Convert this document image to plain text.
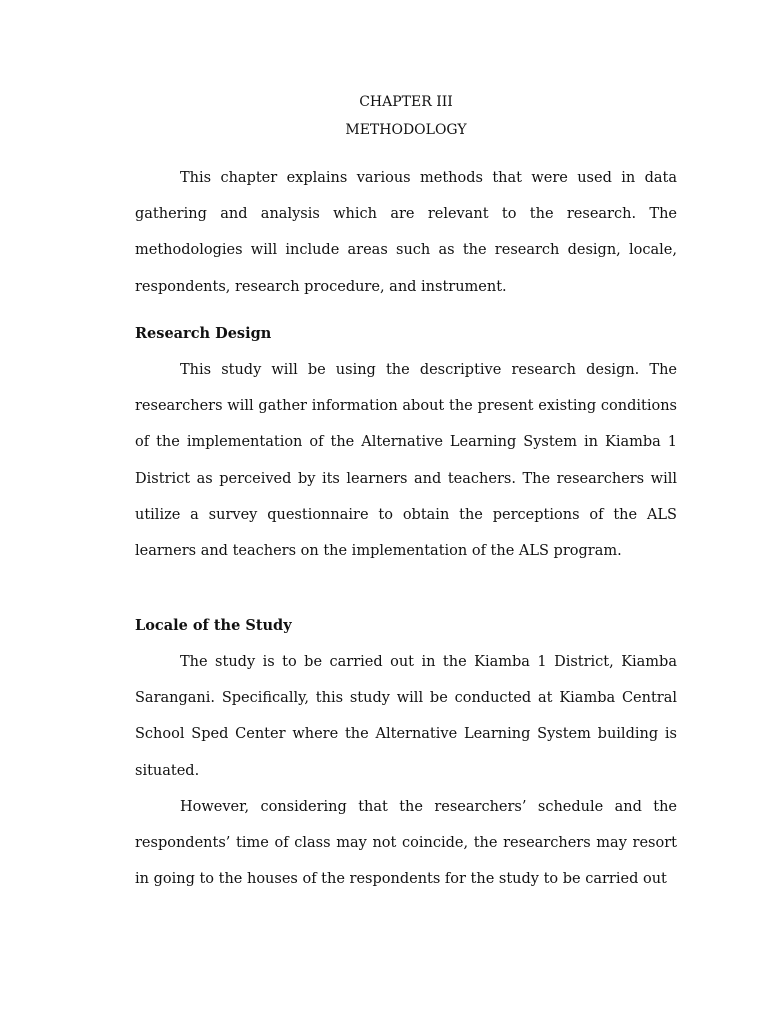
CHAPTER III
METHODOLOGY

This chapter explains various methods that were used in data gathering and analysis which are relevant to the research. The methodologies will include areas such as the research design, locale, respondents, research procedure, and instrument.

Research Design

This study will be using the descriptive research design. The researchers will gather information about the present existing conditions of the implementation of the Alternative Learning System in Kiamba 1 District as perceived by its learners and teachers. The researchers will utilize a survey questionnaire to obtain the perceptions of the ALS learners and teachers on the implementation of the ALS program.

Locale of the Study

The study is to be carried out in the Kiamba 1 District, Kiamba Sarangani. Specifically, this study will be conducted at Kiamba Central School Sped Center where the Alternative Learning System building is situated.

However, considering that the researchers’ schedule and the respondents’ time of class may not coincide, the researchers may resort in going to the houses of the respondents for the study to be carried out
